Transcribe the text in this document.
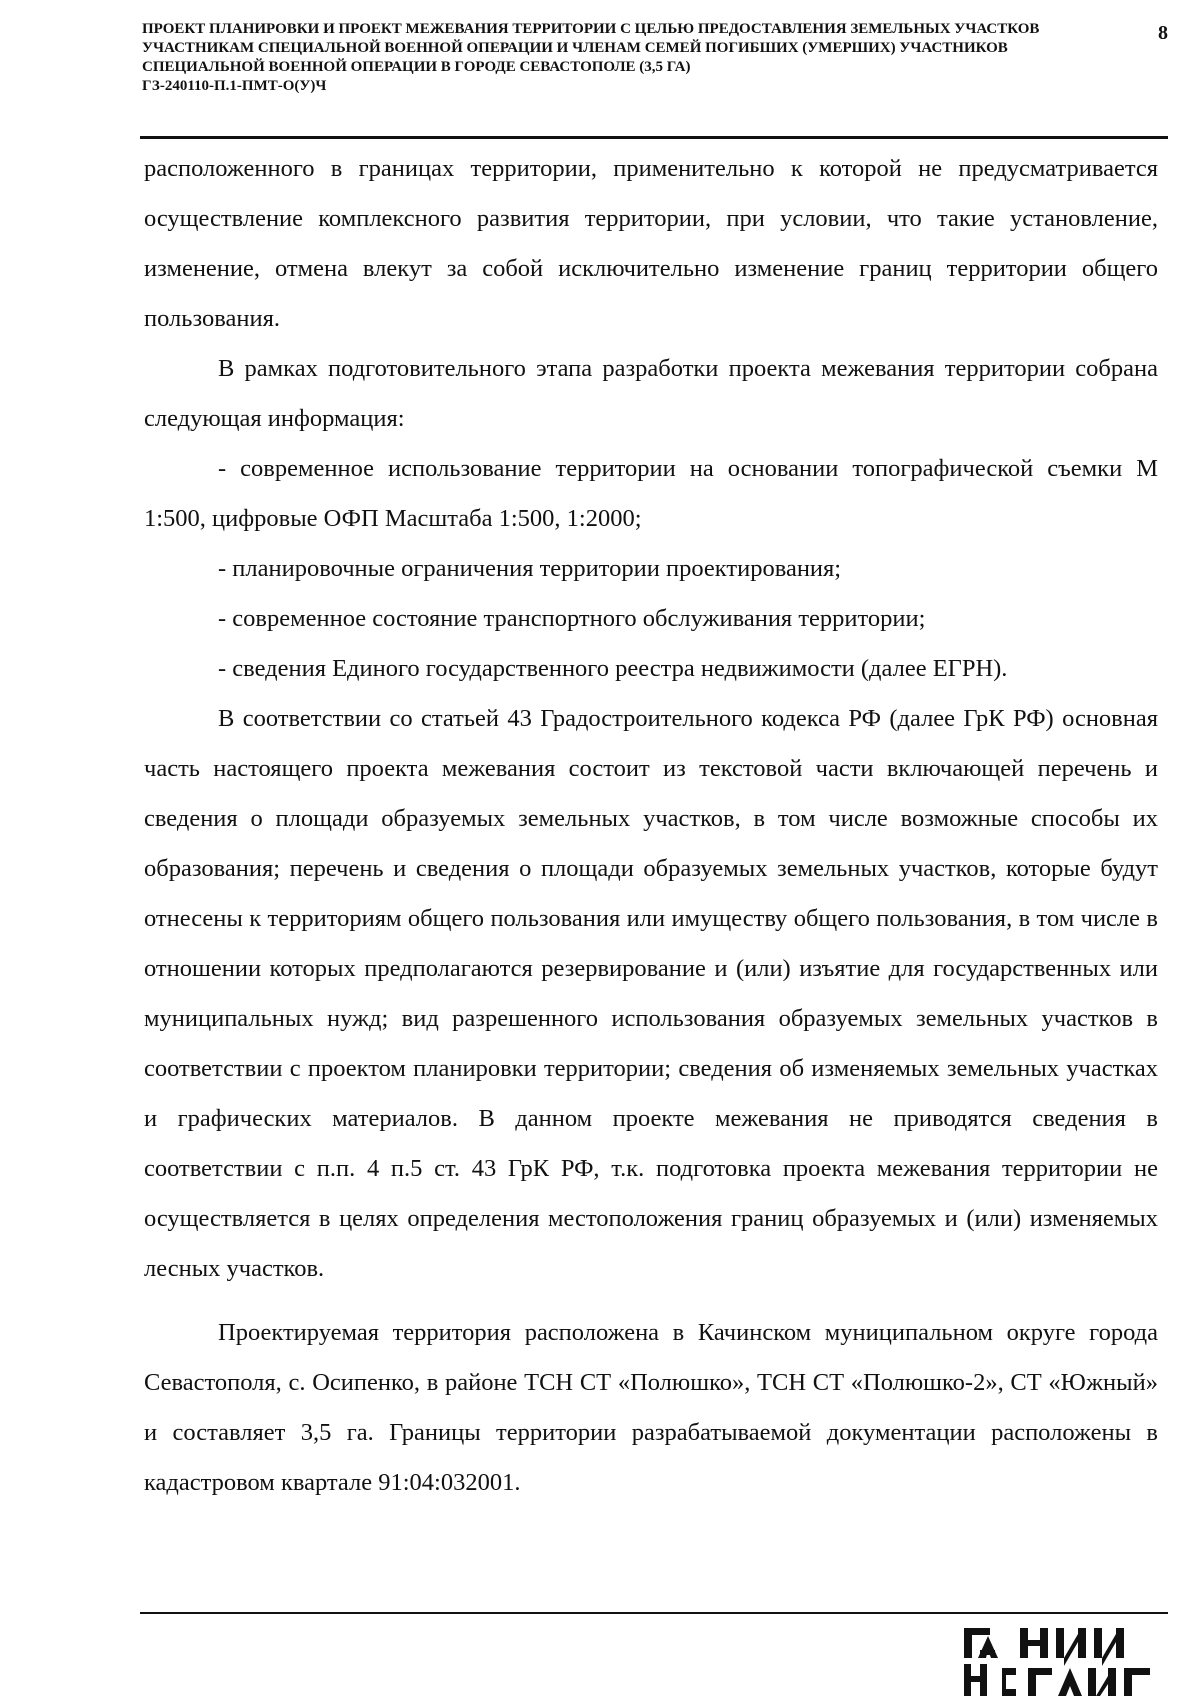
ПРОЕКТ ПЛАНИРОВКИ И ПРОЕКТ МЕЖЕВАНИЯ ТЕРРИТОРИИ С ЦЕЛЬЮ ПРЕДОСТАВЛЕНИЯ ЗЕМЕЛЬНЫХ УЧАСТКОВ УЧАСТНИКАМ СПЕЦИАЛЬНОЙ ВОЕННОЙ ОПЕРАЦИИ И ЧЛЕНАМ СЕМЕЙ ПОГИБШИХ (УМЕРШИХ) УЧАСТНИКОВ СПЕЦИАЛЬНОЙ ВОЕННОЙ ОПЕРАЦИИ В ГОРОДЕ СЕВАСТОПОЛЕ (3,5 ГА)
ГЗ-240110-П.1-ПМТ-О(У)Ч
8

расположенного в границах территории, применительно к которой не предусматривается осуществление комплексного развития территории, при условии, что такие установление, изменение, отмена влекут за собой исключительно изменение границ территории общего пользования.

В рамках подготовительного этапа разработки проекта межевания территории собрана следующая информация:

- современное использование территории на основании топографической съемки М 1:500, цифровые ОФП Масштаба 1:500, 1:2000;

- планировочные ограничения территории проектирования;

- современное состояние транспортного обслуживания территории;

- сведения Единого государственного реестра недвижимости (далее ЕГРН).

В соответствии со статьей 43 Градостроительного кодекса РФ (далее ГрК РФ) основная часть настоящего проекта межевания состоит из текстовой части включающей перечень и сведения о площади образуемых земельных участков, в том числе возможные способы их образования; перечень и сведения о площади образуемых земельных участков, которые будут отнесены к территориям общего пользования или имуществу общего пользования, в том числе в отношении которых предполагаются резервирование и (или) изъятие для государственных или муниципальных нужд; вид разрешенного использования образуемых земельных участков в соответствии с проектом планировки территории; сведения об изменяемых земельных участках и графических материалов. В данном проекте межевания не приводятся сведения в соответствии с п.п. 4 п.5 ст. 43 ГрК РФ, т.к. подготовка проекта межевания территории не осуществляется в целях определения местоположения границ образуемых и (или) изменяемых лесных участков.

Проектируемая территория расположена в Качинском муниципальном округе города Севастополя, с. Осипенко, в районе ТСН СТ «Полюшко», ТСН СТ «Полюшко-2», СТ «Южный» и составляет 3,5 га. Границы территории разрабатываемой документации расположены в кадастровом квартале 91:04:032001.
